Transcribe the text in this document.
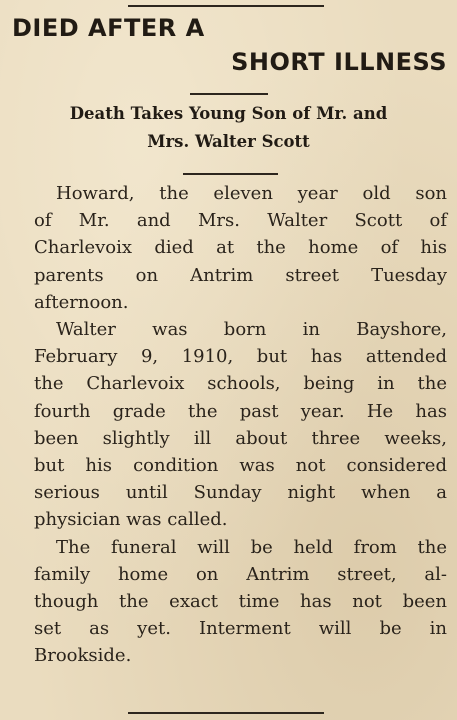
DIED AFTER A
SHORT ILLNESS
Death Takes Young Son of Mr. and
Mrs. Walter Scott

Howard, the eleven year old son
of Mr. and Mrs. Walter Scott of
Charlevoix died at the home of his
parents on Antrim street Tuesday
afternoon.

Walter was born in Bayshore,
February 9, 1910, but has attended
the Charlevoix schools, being in the
fourth grade the past year. He has
been slightly ill about three weeks,
but his condition was not considered
serious until Sunday night when a
physician was called.

The funeral will be held from the
family home on Antrim street, al-
though the exact time has not been
set as yet. Interment will be in
Brookside.
